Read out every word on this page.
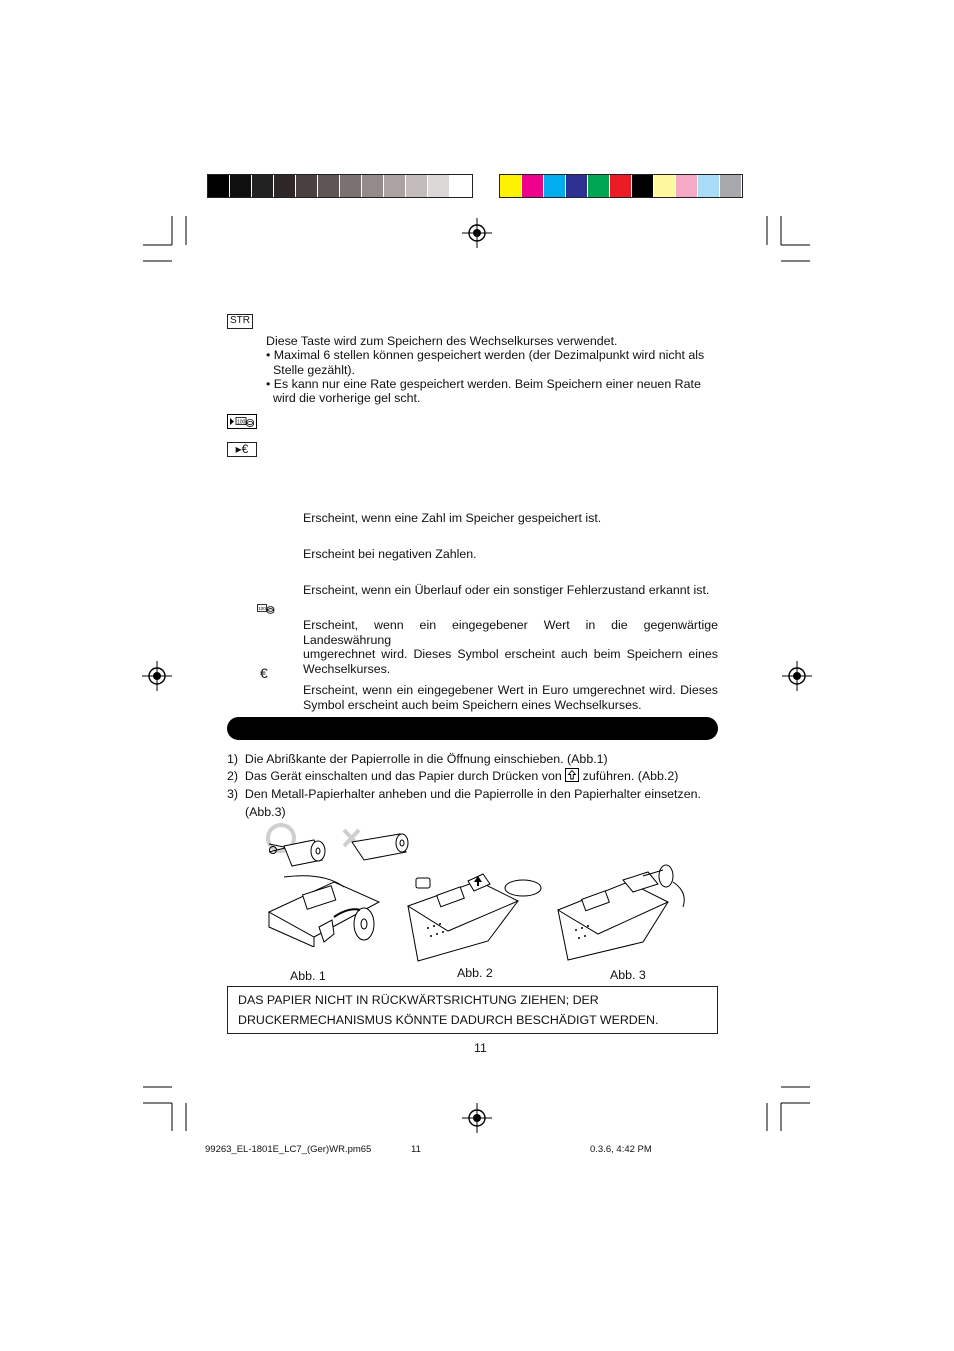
STR
Diese Taste wird zum Speichern des Wechselkurses verwendet.
• Maximal 6 stellen können gespeichert werden (der Dezimalpunkt wird nicht als
Stelle gezählt).
• Es kann nur eine Rate gespeichert werden. Beim Speichern einer neuen Rate
wird die vorherige gel scht.
100
▸€
Erscheint, wenn eine Zahl im Speicher gespeichert ist.
Erscheint bei negativen Zahlen.
Erscheint, wenn ein Überlauf oder ein sonstiger Fehlerzustand erkannt ist.
100
Erscheint, wenn ein eingegebener Wert in die gegenwärtige Landeswährung
umgerechnet wird. Dieses Symbol erscheint auch beim Speichern eines
Wechselkurses.
€
Erscheint, wenn ein eingegebener Wert in Euro umgerechnet wird. Dieses
Symbol erscheint auch beim Speichern eines Wechselkurses.
1) Die Abrißkante der Papierrolle in die Öffnung einschieben. (Abb.1)
2) Das Gerät einschalten und das Papier durch Drücken von zuführen. (Abb.2)
3) Den Metall-Papierhalter anheben und die Papierrolle in den Papierhalter einsetzen.
(Abb.3)
Abb. 1	Abb. 2	Abb. 3
DAS PAPIER NICHT IN RÜCKWÄRTSRICHTUNG ZIEHEN; DER
DRUCKERMECHANISMUS KÖNNTE DADURCH BESCHÄDIGT WERDEN.
11
99263_EL-1801E_LC7_(Ger)WR.pm65	11	0.3.6, 4:42 PM
